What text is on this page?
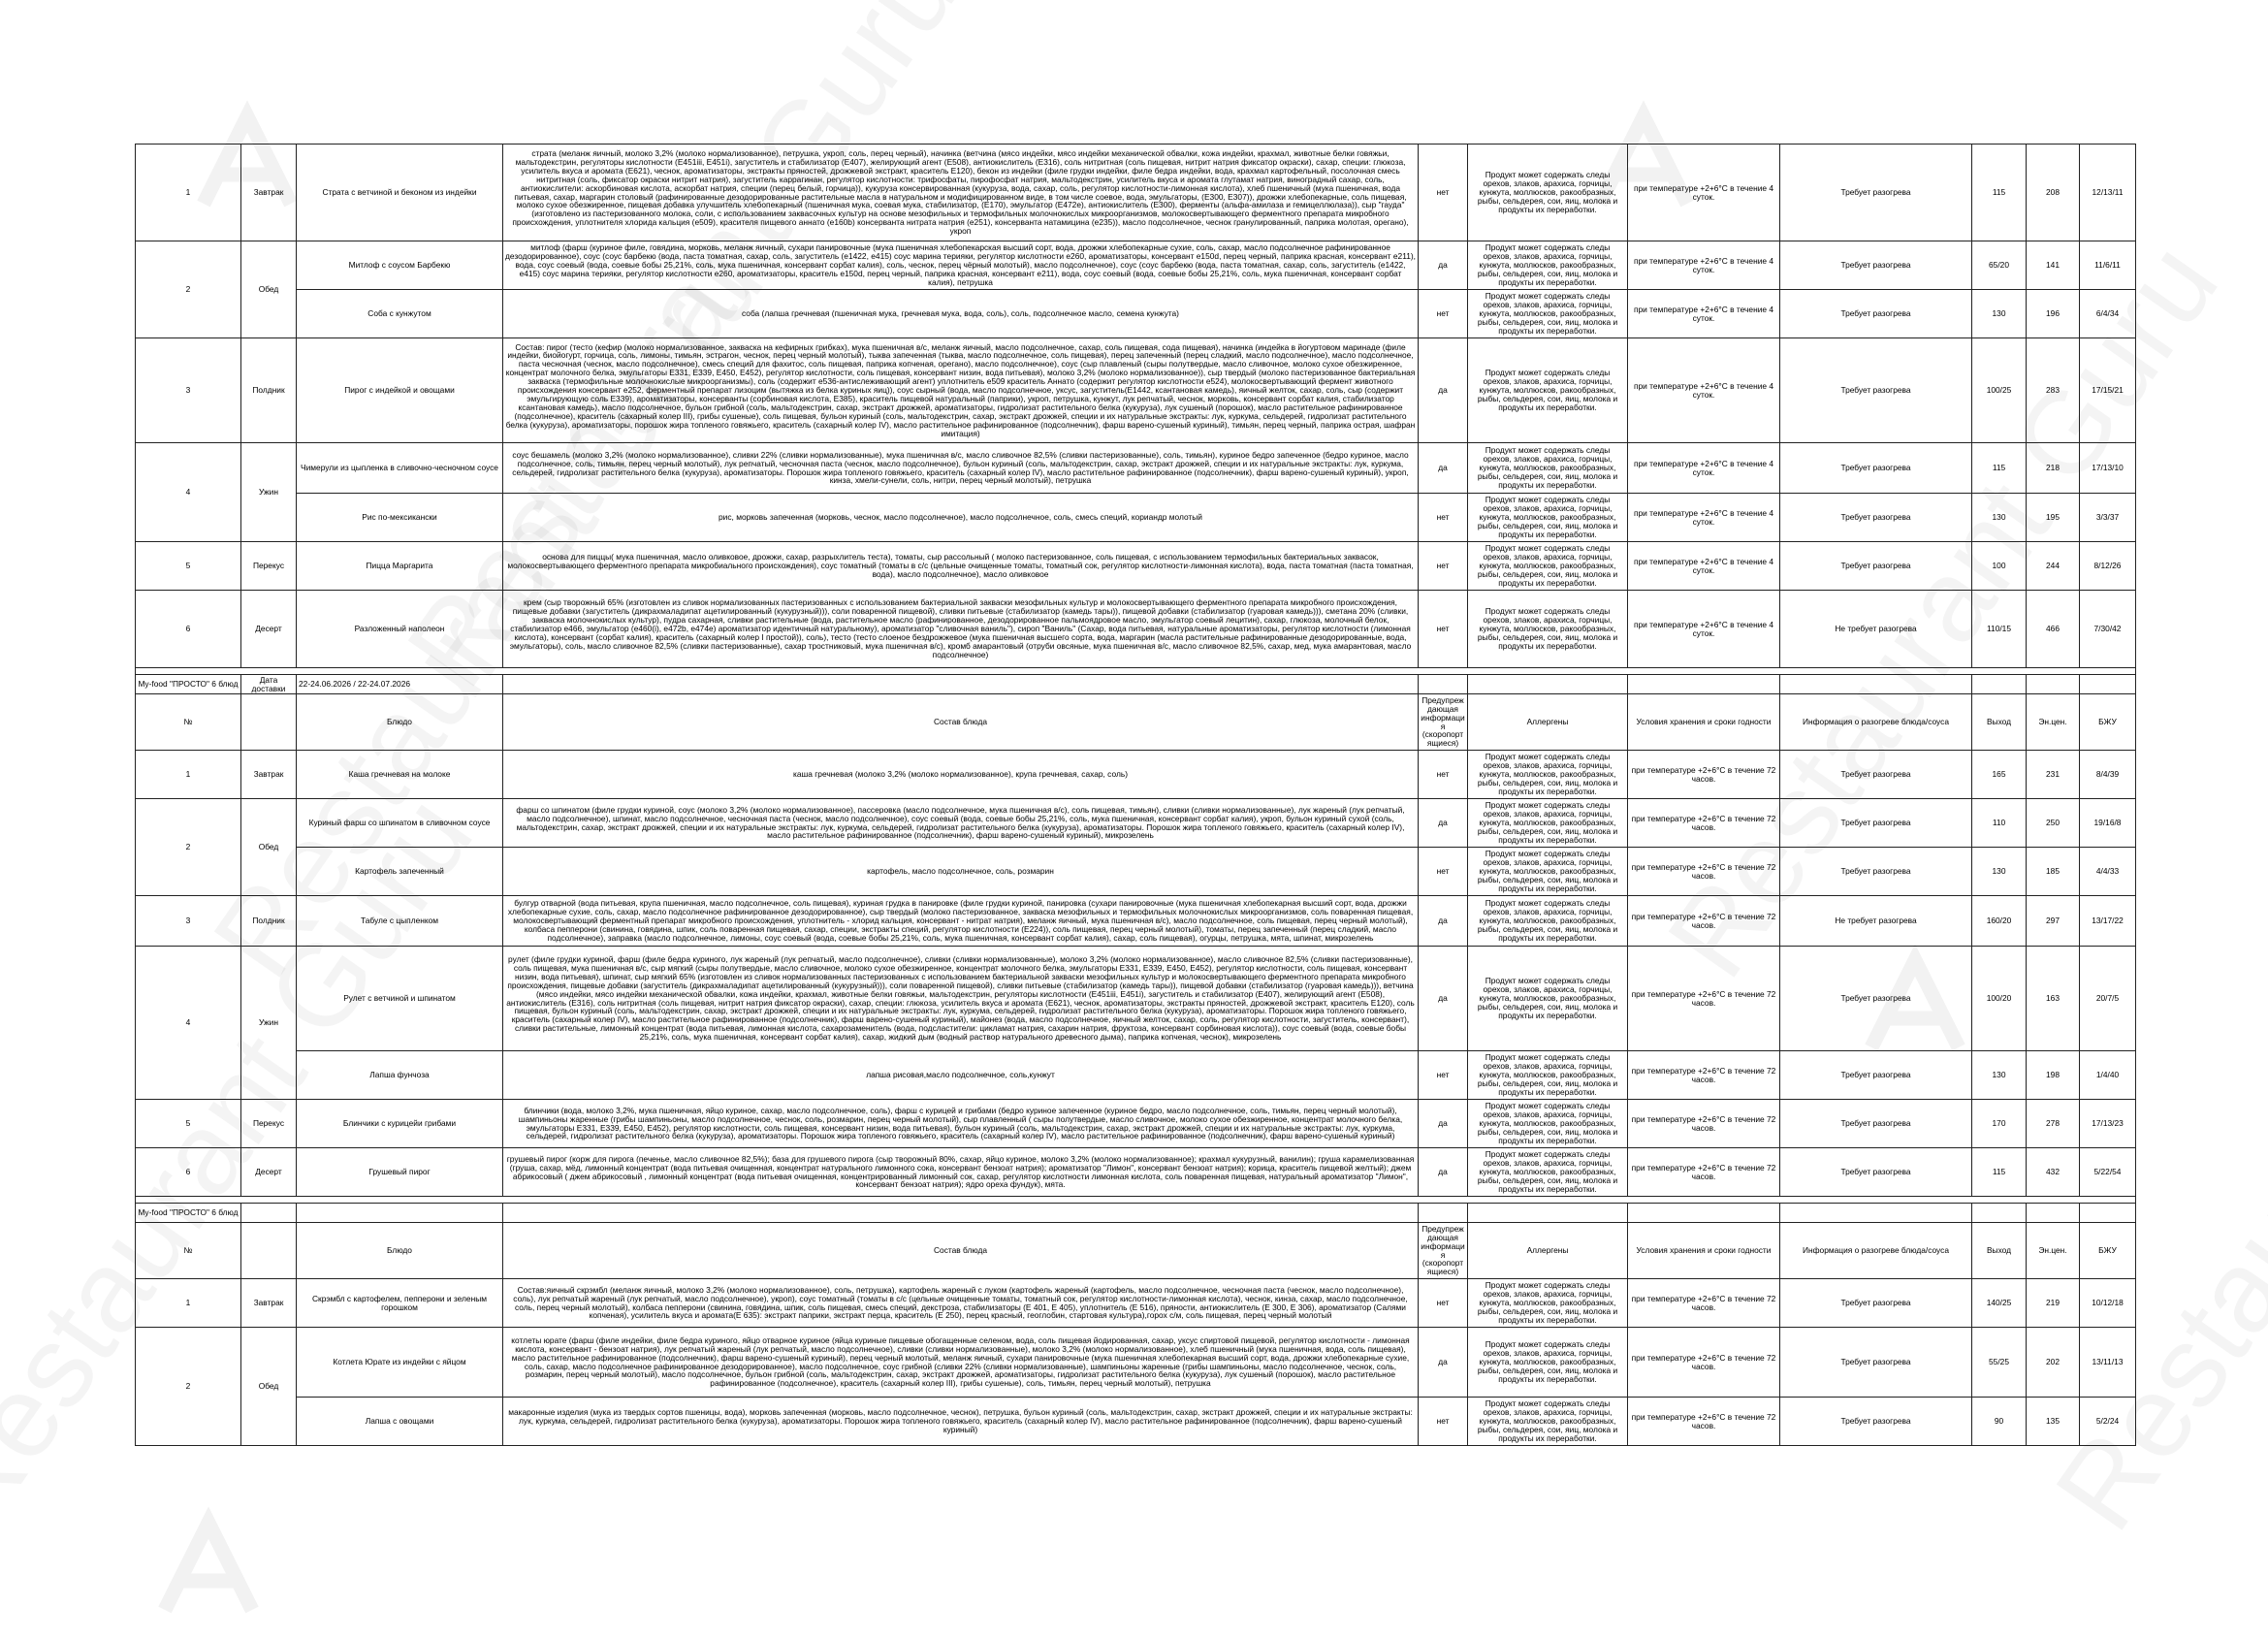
1	Завтрак	Страта с ветчиной и беконом из индейки	страта (меланж яичный, молоко 3,2% (молоко нормализованное), петрушка, укроп, соль, перец черный), начинка (ветчина (мясо индейки, мясо индейки механической обвалки, кожа индейки, крахмал, животные белки говяжьи, мальтодекстрин, регуляторы кислотности (Е451iii, Е451i), загуститель и стабилизатор (Е407), желирующий агент (Е508), антиокислитель (Е316), соль нитритная (соль пищевая, нитрит натрия фиксатор окраски), сахар, специи: глюкоза, усилитель вкуса и аромата (Е621), чеснок, ароматизаторы, экстракты пряностей, дрожжевой экстракт, краситель Е120), бекон из индейки (филе грудки индейки, филе бедра индейки, вода, крахмал картофельный, посолочная смесь нитритная (соль, фиксатор окраски нитрит натрия), загуститель каррагинан, регулятор кислотности: трифосфаты, пирофосфат натрия, мальтодекстрин, усилитель вкуса и аромата глутамат натрия, виноградный сахар, соль, антиокислители: аскорбиновая кислота, аскорбат натрия, специи (перец белый, горчица)), кукуруза консервированная (кукуруза, вода, сахар, соль, регулятор кислотности-лимонная кислота), хлеб пшеничный (мука пшеничная, вода питьевая, сахар, маргарин столовый (рафинированные дезодорированные растительные масла в натуральном и модифицированном виде, в том числе соевое, вода, эмульгаторы, (Е300, Е307)), дрожжи хлебопекарные, соль пищевая, молоко сухое обезжиренное, пищевая добавка улучшитель хлебопекарный (пшеничная мука, соевая мука, стабилизатор, (Е170), эмульгатор (Е472е), антиокислитель (Е300), ферменты (альфа-амилаза и гемицеллюлаза)), сыр "гауда" (изготовлено из пастеризованного молока, соли, с использованием заквасочных культур на основе мезофильных и термофильных молочнокислых микроорганизмов, молокосвертывающего ферментного препарата микробного происхождения, уплотнителя хлорида кальция (е509), красителя пищевого аннато (е160b) консерванта нитрата натрия (е251), консерванта натамицина (е235)), масло подсолнечное, чеснок гранулированный, паприка молотая, орегано), укроп	нет	Продукт может содержать следы орехов, злаков, арахиса, горчицы, кунжута, моллюсков, ракообразных, рыбы, сельдерея, сои, яиц, молока и продукты их переработки.	при температуре +2+6°С в течение 4 суток.	Требует разогрева	115	208	12/13/11
2	Обед	Митлоф с соусом Барбекю	митлоф (фарш (куриное филе, говядина, морковь, меланж яичный, сухари панировочные (мука пшеничная хлебопекарская высший сорт, вода, дрожжи хлебопекарные сухие, соль, сахар, масло подсолнечное рафинированное дезодорированное), соус (соус барбекю (вода, паста томатная, сахар, соль, загуститель (е1422, е415) соус марина терияки, регулятор кислотности е260, ароматизаторы, консервант е150d, перец черный, паприка красная, консервант е211), вода, соус соевый (вода, соевые бобы 25,21%, соль, мука пшеничная, консервант сорбат калия), соль, чеснок, перец чёрный молотый), масло подсолнечное), соус (соус барбекю (вода, паста томатная, сахар, соль, загуститель (е1422, е415) соус марина терияки, регулятор кислотности е260, ароматизаторы, краситель е150d, перец черный, паприка красная, консервант е211), вода, соус соевый (вода, соевые бобы 25,21%, соль, мука пшеничная, консервант сорбат калия), петрушка	да	Продукт может содержать следы орехов, злаков, арахиса, горчицы, кунжута, моллюсков, ракообразных, рыбы, сельдерея, сои, яиц, молока и продукты их переработки.	при температуре +2+6°С в течение 4 суток.	Требует разогрева	65/20	141	11/6/11
		Соба с кунжутом	соба (лапша гречневая (пшеничная мука, гречневая мука, вода, соль), соль, подсолнечное масло, семена кунжута)	нет	Продукт может содержать следы орехов, злаков, арахиса, горчицы, кунжута, моллюсков, ракообразных, рыбы, сельдерея, сои, яиц, молока и продукты их переработки.	при температуре +2+6°С в течение 4 суток.	Требует разогрева	130	196	6/4/34
3	Полдник	Пирог с индейкой и овощами	Состав: пирог (тесто (кефир (молоко нормализованное, закваска на кефирных грибках), мука пшеничная в/с, меланж яичный, масло подсолнечное, сахар, соль пищевая, сода пищевая), начинка (индейка в йогуртовом маринаде (филе индейки, биойогурт, горчица, соль, лимоны, тимьян, эстрагон, чеснок, перец черный молотый), тыква запеченная (тыква, масло подсолнечное, соль пищевая), перец запеченный (перец сладкий, масло подсолнечное), масло подсолнечное, паста чесночная (чеснок, масло подсолнечное), смесь специй для фахитос, соль пищевая, паприка копченая, орегано), масло подсолнечное), соус (сыр плавленый (сыры полутвердые, масло сливочное, молоко сухое обезжиренное, концентрат молочного белка, эмульгаторы Е331, Е339, Е450, Е452), регулятор кислотности, соль пищевая, консервант низин, вода питьевая), молоко 3,2% (молоко нормализованное)), сыр твердый (молоко пастеризованное бактериальная закваска (термофильные молочнокислые микроорганизмы), соль (содержит е536-антислеживающий агент) уплотнитель е509 краситель Аннато (содержит регулятор кислотности е524), молокосвертывающий фермент животного происхождения консервант е252, ферментный препарат лизоцим (вытяжка из белка куриных яиц)), соус сырный (вода, масло подсолнечное, уксус, загуститель(Е1442, ксантановая камедь), яичный желток, сахар, соль, сыр (содержит эмульгирующую соль Е339), ароматизаторы, консерванты (сорбиновая кислота, Е385), краситель пищевой натуральный (паприки), укроп, петрушка, кунжут, лук репчатый, чеснок, морковь, консервант сорбат калия, стабилизатор ксантановая камедь), масло подсолнечное, бульон грибной (соль, мальтодекстрин, сахар, экстракт дрожжей, ароматизаторы, гидролизат растительного белка (кукуруза), лук сушеный (порошок), масло растительное рафинированное (подсолнечное), краситель (сахарный колер III), грибы сушеные), соль пищевая, бульон куриный (соль, мальтодекстрин, сахар, экстракт дрожжей, специи и их натуральные экстракты: лук, куркума, сельдерей, гидролизат растительного белка (кукуруза), ароматизаторы, порошок жира топленого говяжьего, краситель (сахарный колер IV), масло растительное рафинированное (подсолнечник), фарш варено-сушеный куриный), тимьян, перец черный, паприка острая, шафран имитация)	да	Продукт может содержать следы орехов, злаков, арахиса, горчицы, кунжута, моллюсков, ракообразных, рыбы, сельдерея, сои, яиц, молока и продукты их переработки.	при температуре +2+6°С в течение 4 суток.	Требует разогрева	100/25	283	17/15/21
4	Ужин	Чимерули из цыпленка в сливочно-чесночном соусе	соус бешамель (молоко 3,2% (молоко нормализованное), сливки 22% (сливки нормализованные), мука пшеничная в/с, масло сливочное 82,5% (сливки пастеризованные), соль, тимьян), куриное бедро запеченное (бедро куриное, масло подсолнечное, соль, тимьян, перец черный молотый), лук репчатый, чесночная паста (чеснок, масло подсолнечное), бульон куриный (соль, мальтодекстрин, сахар, экстракт дрожжей, специи и их натуральные экстракты: лук, куркума, сельдерей, гидролизат растительного белка (кукуруза), ароматизаторы. Порошок жира топленого говяжьего, краситель (сахарный колер IV), масло растительное рафинированное (подсолнечник), фарш варено-сушеный куриный), укроп, кинза, хмели-сунели, соль, нитри, перец черный молотый), петрушка	да	Продукт может содержать следы орехов, злаков, арахиса, горчицы, кунжута, моллюсков, ракообразных, рыбы, сельдерея, сои, яиц, молока и продукты их переработки.	при температуре +2+6°С в течение 4 суток.	Требует разогрева	115	218	17/13/10
		Рис по-мексикански	рис, морковь запеченная (морковь, чеснок, масло подсолнечное), масло подсолнечное, соль, смесь специй, кориандр молотый	нет	Продукт может содержать следы орехов, злаков, арахиса, горчицы, кунжута, моллюсков, ракообразных, рыбы, сельдерея, сои, яиц, молока и продукты их переработки.	при температуре +2+6°С в течение 4 суток.	Требует разогрева	130	195	3/3/37
5	Перекус	Пицца Маргарита	основа для пиццы( мука пшеничная, масло оливковое, дрожжи, сахар, разрыхлитель теста), томаты, сыр рассольный ( молоко пастеризованное, соль пищевая, с использованием термофильных бактериальных заквасок, молокосвертывающего ферментного препарата микробиального происхождения), соус томатный (томаты в с/с (цельные очищенные томаты, томатный сок, регулятор кислотности-лимонная кислота), вода, паста томатная (паста томатная, вода), масло подсолнечное), масло оливковое	нет	Продукт может содержать следы орехов, злаков, арахиса, горчицы, кунжута, моллюсков, ракообразных, рыбы, сельдерея, сои, яиц, молока и продукты их переработки.	при температуре +2+6°С в течение 4 суток.	Требует разогрева	100	244	8/12/26
6	Десерт	Разложенный наполеон	крем (сыр творожный 65% (изготовлен из сливок нормализованных пастеризованных с использованием бактериальной закваски мезофильных культур и молокосвертывающего ферментного препарата микробного происхождения, пищевые добавки (загуститель (дикрахмаладипат ацетилированный (кукурузный))), соли поваренной пищевой), сливки питьевые (стабилизатор (камедь тары)), пищевой добавки (стабилизатор (гуаровая камедь))), сметана 20% (сливки, закваска молочнокислых культур), пудра сахарная, сливки растительные (вода, растительное масло (рафинированное, дезодорированное пальмоядровое масло, эмульгатор соевый лецитин), сахар, глюкоза, молочный белок, стабилизатор е466, эмульгатор (е460(i), е472b, е474e) ароматизатор идентичный натуральному), ароматизатор "сливочная ваниль"), сироп "Ваниль" (Сахар, вода питьевая, натуральные ароматизаторы, регулятор кислотности (лимонная кислота), консервант (сорбат калия), краситель (сахарный колер I простой)), соль), тесто (тесто слоеное бездрожжевое (мука пшеничная высшего сорта, вода, маргарин (масла растительные рафинированные дезодорированные, вода, эмульгаторы), соль, масло сливочное 82,5% (сливки пастеризованные), сахар тростниковый, мука пшеничная в/с), кромб амарантовый (отруби овсяные, мука пшеничная в/с, масло сливочное 82,5%, сахар, мед, мука амарантовая, масло подсолнечное)	нет	Продукт может содержать следы орехов, злаков, арахиса, горчицы, кунжута, моллюсков, ракообразных, рыбы, сельдерея, сои, яиц, молока и продукты их переработки.	при температуре +2+6°С в течение 4 суток.	Не требует разогрева	110/15	466	7/30/42

My-food "ПРОСТО" 6 блюд	Дата доставки	22-24.06.2026 / 22-24.07.2026								
№		Блюдо	Состав блюда	Предупреждающая информация (скоропортящиеся)	Аллергены	Условия хранения и сроки годности	Информация о разогреве блюда/соуса	Выход	Эн.цен.	БЖУ
1	Завтрак	Каша гречневая на молоке	каша гречневая (молоко 3,2% (молоко нормализованное), крупа гречневая, сахар, соль)	нет	Продукт может содержать следы орехов, злаков, арахиса, горчицы, кунжута, моллюсков, ракообразных, рыбы, сельдерея, сои, яиц, молока и продукты их переработки.	при температуре +2+6°С в течение 72 часов.	Требует разогрева	165	231	8/4/39
2	Обед	Куриный фарш со шпинатом в сливочном соусе	фарш со шпинатом (филе грудки куриной, соус (молоко 3,2% (молоко нормализованное), пассеровка (масло подсолнечное, мука пшеничная в/с), соль пищевая, тимьян), сливки (сливки нормализованные), лук жареный (лук репчатый, масло подсолнечное), шпинат, масло подсолнечное, чесночная паста (чеснок, масло подсолнечное), соус соевый (вода, соевые бобы 25,21%, соль, мука пшеничная, консервант сорбат калия), укроп, бульон куриный сухой (соль, мальтодекстрин, сахар, экстракт дрожжей, специи и их натуральные экстракты: лук, куркума, сельдерей, гидролизат растительного белка (кукуруза), ароматизаторы. Порошок жира топленого говяжьего, краситель (сахарный колер IV), масло растительное рафинированное (подсолнечник), фарш варено-сушеный куриный), микрозелень	да	Продукт может содержать следы орехов, злаков, арахиса, горчицы, кунжута, моллюсков, ракообразных, рыбы, сельдерея, сои, яиц, молока и продукты их переработки.	при температуре +2+6°С в течение 72 часов.	Требует разогрева	110	250	19/16/8
		Картофель запеченный	картофель, масло подсолнечное, соль, розмарин	нет	Продукт может содержать следы орехов, злаков, арахиса, горчицы, кунжута, моллюсков, ракообразных, рыбы, сельдерея, сои, яиц, молока и продукты их переработки.	при температуре +2+6°С в течение 72 часов.	Требует разогрева	130	185	4/4/33
3	Полдник	Табуле с цыпленком	булгур отварной (вода питьевая, крупа пшеничная, масло подсолнечное, соль пищевая), куриная грудка в панировке (филе грудки куриной, панировка (сухари панировочные (мука пшеничная хлебопекарная высший сорт, вода, дрожжи хлебопекарные сухие, соль, сахар, масло подсолнечное рафинированное дезодорированное), сыр твердый (молоко пастеризованное, закваска мезофильных и термофильных молочнокислых микроорганизмов, соль поваренная пищевая, молокосвертывающий ферментный препарат микробного происхождения, уплотнитель - хлорид кальция, консервант - нитрат натрия), меланж яичный, мука пшеничная в/с), масло подсолнечное, соль пищевая, перец черный молотый), колбаса пепперони (свинина, говядина, шпик, соль поваренная пищевая, сахар, специи, экстракты специй, регулятор кислотности (Е224)), соль пищевая, перец черный молотый), томаты, перец запеченный (перец сладкий, масло подсолнечное), заправка (масло подсолнечное, лимоны, соус соевый (вода, соевые бобы 25,21%, соль, мука пшеничная, консервант сорбат калия), сахар, соль пищевая), огурцы, петрушка, мята, шпинат, микрозелень	да	Продукт может содержать следы орехов, злаков, арахиса, горчицы, кунжута, моллюсков, ракообразных, рыбы, сельдерея, сои, яиц, молока и продукты их переработки.	при температуре +2+6°С в течение 72 часов.	Не требует разогрева	160/20	297	13/17/22
4	Ужин	Рулет с ветчиной и шпинатом	рулет (филе грудки куриной, фарш (филе бедра куриного, лук жареный (лук репчатый, масло подсолнечное), сливки (сливки нормализованные), молоко 3,2% (молоко нормализованное), масло сливочное 82,5% (сливки пастеризованные), соль пищевая, мука пшеничная в/с, сыр мягкий (сыры полутвердые, масло сливочное, молоко сухое обезжиренное, концентрат молочного белка, эмульгаторы Е331, Е339, Е450, Е452), регулятор кислотности, соль пищевая, консервант низин, вода питьевая), шпинат, сыр мягкий 65% (изготовлен из сливок нормализованных пастеризованных с использованием бактериальной закваски мезофильных культур и молокосвертывающего ферментного препарата микробного происхождения, пищевые добавки (загуститель (дикрахмаладипат ацетилированный (кукурузный))), соли поваренной пищевой), сливки питьевые (стабилизатор (камедь тары)), пищевой добавки (стабилизатор (гуаровая камедь))), ветчина (мясо индейки, мясо индейки механической обвалки, кожа индейки, крахмал, животные белки говяжьи, мальтодекстрин, регуляторы кислотности (Е451iii, Е451i), загуститель и стабилизатор (Е407), желирующий агент (Е508), антиокислитель (Е316), соль нитритная (соль пищевая, нитрит натрия фиксатор окраски), сахар, специи: глюкоза, усилитель вкуса и аромата (Е621), чеснок, ароматизаторы, экстракты пряностей, дрожжевой экстракт, краситель Е120), соль пищевая, бульон куриный (соль, мальтодекстрин, сахар, экстракт дрожжей, специи и их натуральные экстракты: лук, куркума, сельдерей, гидролизат растительного белка (кукуруза), ароматизаторы. Порошок жира топленого говяжьего, краситель (сахарный колер IV), масло растительное рафинированное (подсолнечник), фарш варено-сушеный куриный), майонез (вода, масло подсолнечное, яичный желток, сахар, соль, регулятор кислотности, загуститель, консервант), сливки растительные, лимонный концентрат (вода питьевая, лимонная кислота, сахарозаменитель (вода, подсластители: цикламат натрия, сахарин натрия, фруктоза, консервант сорбиновая кислота)), соус соевый (вода, соевые бобы 25,21%, соль, мука пшеничная, консервант сорбат калия), сахар, жидкий дым (водный раствор натурального древесного дыма), паприка копченая, чеснок), микрозелень	да	Продукт может содержать следы орехов, злаков, арахиса, горчицы, кунжута, моллюсков, ракообразных, рыбы, сельдерея, сои, яиц, молока и продукты их переработки.	при температуре +2+6°С в течение 72 часов.	Требует разогрева	100/20	163	20/7/5
		Лапша фунчоза	лапша рисовая,масло подсолнечное, соль,кунжут	нет	Продукт может содержать следы орехов, злаков, арахиса, горчицы, кунжута, моллюсков, ракообразных, рыбы, сельдерея, сои, яиц, молока и продукты их переработки.	при температуре +2+6°С в течение 72 часов.	Требует разогрева	130	198	1/4/40
5	Перекус	Блинчики с курицейи грибами	блинчики (вода, молоко 3,2%, мука пшеничная, яйцо куриное, сахар, масло подсолнечное, соль), фарш с курицей и грибами (бедро куриное запеченное (куриное бедро, масло подсолнечное, соль, тимьян, перец черный молотый), шампиньоны жаренные (грибы шампиньоны, масло подсолнечное, чеснок, соль, розмарин, перец черный молотый), сыр плавленный ( сыры полутвердые, масло сливочное, молоко сухое обезжиренное, концентрат молочного белка, эмульгаторы Е331, Е339, Е450, Е452), регулятор кислотности, соль пищевая, консервант низин, вода питьевая), бульон куриный (соль, мальтодекстрин, сахар, экстракт дрожжей, специи и их натуральные экстракты: лук, куркума, сельдерей, гидролизат растительного белка (кукуруза), ароматизаторы. Порошок жира топленого говяжьего, краситель (сахарный колер IV), масло растительное рафинированное (подсолнечник), фарш варено-сушеный куриный)	да	Продукт может содержать следы орехов, злаков, арахиса, горчицы, кунжута, моллюсков, ракообразных, рыбы, сельдерея, сои, яиц, молока и продукты их переработки.	при температуре +2+6°С в течение 72 часов.	Требует разогрева	170	278	17/13/23
6	Десерт	Грушевый пирог	грушевый пирог (корж для пирога (печенье, масло сливочное 82,5%); база для грушевого пирога (сыр творожный 80%, сахар, яйцо куриное, молоко 3,2% (молоко нормализованное); крахмал кукурузный, ванилин); груша карамелизованная (груша, сахар, мёд, лимонный концентрат (вода питьевая очищенная, концентрат натурального лимонного сока, консервант бензоат натрия); ароматизатор "Лимон", консервант бензоат натрия); корица, краситель пищевой желтый); джем абрикосовый ( джем абрикосовый , лимонный концентрат (вода питьевая очищенная, концентрированный лимонный сок, сахар, регулятор кислотности лимонная кислота, соль поваренная пищевая, натуральный ароматизатор "Лимон", консервант бензоат натрия); ядро ореха фундук), мята.	да	Продукт может содержать следы орехов, злаков, арахиса, горчицы, кунжута, моллюсков, ракообразных, рыбы, сельдерея, сои, яиц, молока и продукты их переработки.	при температуре +2+6°С в течение 72 часов.	Требует разогрева	115	432	5/22/54

My-food "ПРОСТО" 6 блюд										
№		Блюдо	Состав блюда	Предупреждающая информация (скоропортящиеся)	Аллергены	Условия хранения и сроки годности	Информация о разогреве блюда/соуса	Выход	Эн.цен.	БЖУ
1	Завтрак	Скрэмбл с картофелем, пепперони и зеленым горошком	Состав:яичный скрэмбл (меланж яичный, молоко 3,2% (молоко нормализованное), соль, петрушка), картофель жареный с луком (картофель жареный (картофель, масло подсолнечное, чесночная паста (чеснок, масло подсолнечное), соль), лук репчатый жареный (лук репчатый, масло подсолнечное), укроп), соус томатный (томаты в с/с (цельные очищенные томаты, томатный сок, регулятор кислотности-лимонная кислота), чеснок, кинза, сахар, масло подсолнечное, соль, перец черный молотый), колбаса пепперони (свинина, говядина, шпик, соль пищевая, смесь специй, декстроза, стабилизаторы (Е 401, Е 405), уплотнитель (Е 516), пряности, антиокислитель (Е 300, Е 306), ароматизатор (Салями копченая), усилитель вкуса и аромата(Е 635): экстракт паприки, экстракт перца, краситель (Е 250), перец красный, геоглобин, стартовая культура),горох с/м, соль пищевая, перец черный молотый	нет	Продукт может содержать следы орехов, злаков, арахиса, горчицы, кунжута, моллюсков, ракообразных, рыбы, сельдерея, сои, яиц, молока и продукты их переработки.	при температуре +2+6°С в течение 72 часов.	Требует разогрева	140/25	219	10/12/18
2	Обед	Котлета Юрате из индейки с яйцом	котлеты юрате (фарш (филе индейки, филе бедра куриного, яйцо отварное куриное (яйца куриные пищевые обогащенные селеном, вода, соль пищевая йодированная, сахар, уксус спиртовой пищевой, регулятор кислотности - лимонная кислота, консервант - бензоат натрия), лук репчатый жареный (лук репчатый, масло подсолнечное), сливки (сливки нормализованные), молоко 3,2% (молоко нормализованное), хлеб пшеничный (мука пшеничная, вода, соль пищевая), масло растительное рафинированное (подсолнечник), фарш варено-сушеный куриный), перец черный молотый, меланж яичный, сухари панировочные (мука пшеничная хлебопекарная высший сорт, вода, дрожжи хлебопекарные сухие, соль, сахар, масло подсолнечное рафинированное дезодорированное), масло подсолнечное, соус грибной (сливки 22% (сливки нормализованные), шампиньоны жаренные (грибы шампиньоны, масло подсолнечное, чеснок, соль, розмарин, перец черный молотый), масло подсолнечное, бульон грибной (соль, мальтодекстрин, сахар, экстракт дрожжей, ароматизаторы, гидролизат растительного белка (кукуруза), лук сушеный (порошок), масло растительное рафинированное (подсолнечное), краситель (сахарный колер III), грибы сушеные), соль, тимьян, перец черный молотый), петрушка	да	Продукт может содержать следы орехов, злаков, арахиса, горчицы, кунжута, моллюсков, ракообразных, рыбы, сельдерея, сои, яиц, молока и продукты их переработки.	при температуре +2+6°С в течение 72 часов.	Требует разогрева	55/25	202	13/11/13
		Лапша с овощами	макаронные изделия (мука из твердых сортов пшеницы, вода), морковь запеченная (морковь, масло подсолнечное, чеснок), петрушка, бульон куриный (соль, мальтодекстрин, сахар, экстракт дрожжей, специи и их натуральные экстракты: лук, куркума, сельдерей, гидролизат растительного белка (кукуруза), ароматизаторы. Порошок жира топленого говяжьего, краситель (сахарный колер IV), масло растительное рафинированное (подсолнечник), фарш варено-сушеный куриный)	нет	Продукт может содержать следы орехов, злаков, арахиса, горчицы, кунжута, моллюсков, ракообразных, рыбы, сельдерея, сои, яиц, молока и продукты их переработки.	при температуре +2+6°С в течение 72 часов.	Требует разогрева	90	135	5/2/24
